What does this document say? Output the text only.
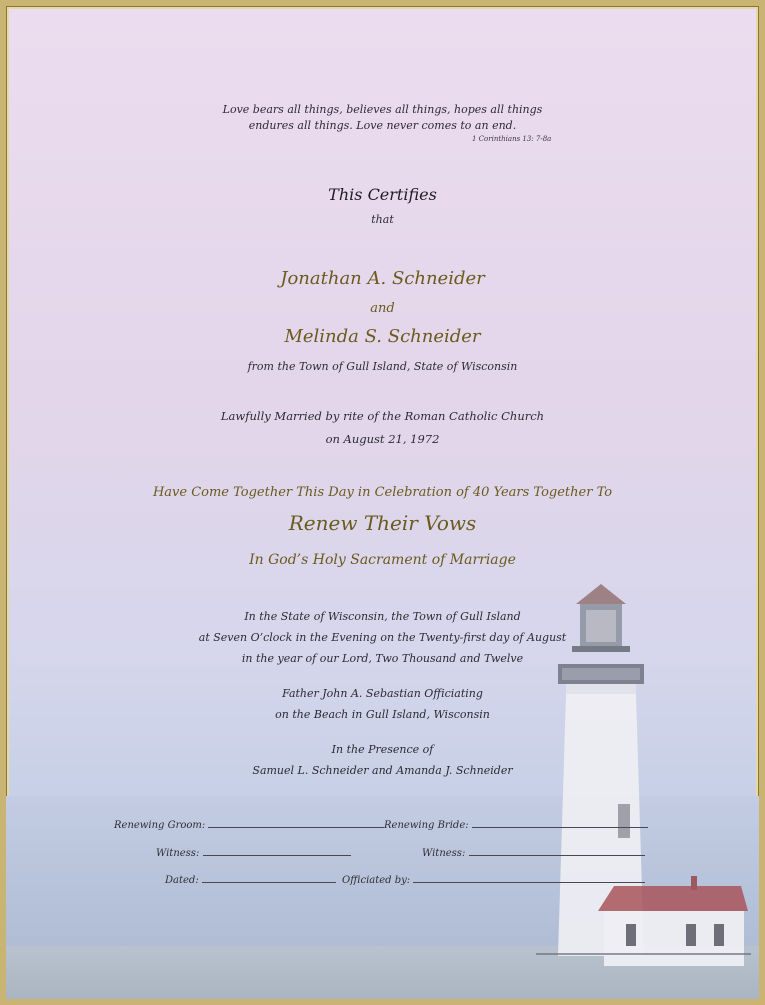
Love bears all things, believes all things, hopes all things
endures all things. Love never comes to an end.
1 Corinthians 13: 7-8a
This Certifies
that
Jonathan A. Schneider
and
Melinda S. Schneider
from the Town of Gull Island, State of Wisconsin
Lawfully Married by rite of the Roman Catholic Church
on August 21, 1972
Have Come Together This Day in Celebration of 40 Years Together To
Renew Their Vows
In God’s Holy Sacrament of Marriage
In the State of Wisconsin, the Town of Gull Island
at Seven O’clock in the Evening on the Twenty-first day of August
in the year of our Lord, Two Thousand and Twelve
Father John A. Sebastian Officiating
on the Beach in Gull Island, Wisconsin
In the Presence of
Samuel L. Schneider and Amanda J. Schneider
Renewing Groom:	Renewing Bride:
Witness:	Witness:
Dated:	Officiated by:
